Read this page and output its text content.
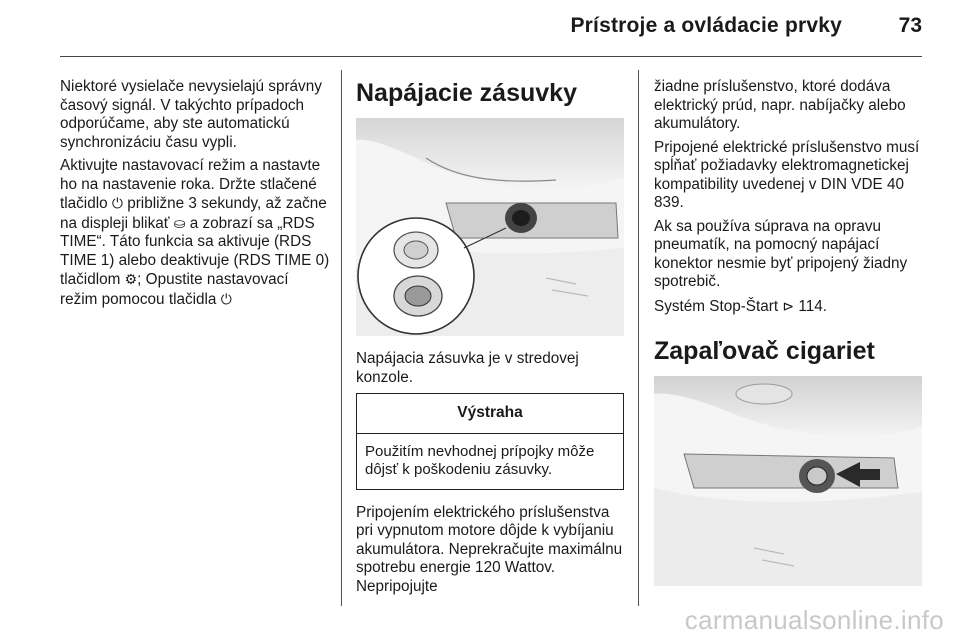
Prístroje a ovládacie prvky	73

Niektoré vysielače nevysielajú správny časový signál. V takýchto prípadoch odporúčame, aby ste automatickú synchronizáciu času vypli.

Aktivujte nastavovací režim a nastavte ho na nastavenie roka. Držte stlačené tlačidlo ⏻ približne 3 sekundy, až začne na displeji blikať ⛀ a zobrazí sa „RDS TIME“. Táto funkcia sa aktivuje (RDS TIME 1) alebo deaktivuje (RDS TIME 0) tlačidlom ⚙; Opustite nastavovací režim pomocou tlačidla ⏻

Napájacie zásuvky

Napájacia zásuvka je v stredovej konzole.

Výstraha
Použitím nevhodnej prípojky môže dôjsť k poškodeniu zásuvky.

Pripojením elektrického príslušenstva pri vypnutom motore dôjde k vybíjaniu akumulátora. Neprekračujte maximálnu spotrebu energie 120 Wattov. Nepripojujte

žiadne príslušenstvo, ktoré dodáva elektrický prúd, napr. nabíjačky alebo akumulátory.

Pripojené elektrické príslušenstvo musí spĺňať požiadavky elektromagnetickej kompatibility uvedenej v DIN VDE 40 839.

Ak sa používa súprava na opravu pneumatík, na pomocný napájací konektor nesmie byť pripojený žiadny spotrebič.

Systém Stop-Štart ⊳ 114.

Zapaľovač cigariet
carmanualsonline.info
